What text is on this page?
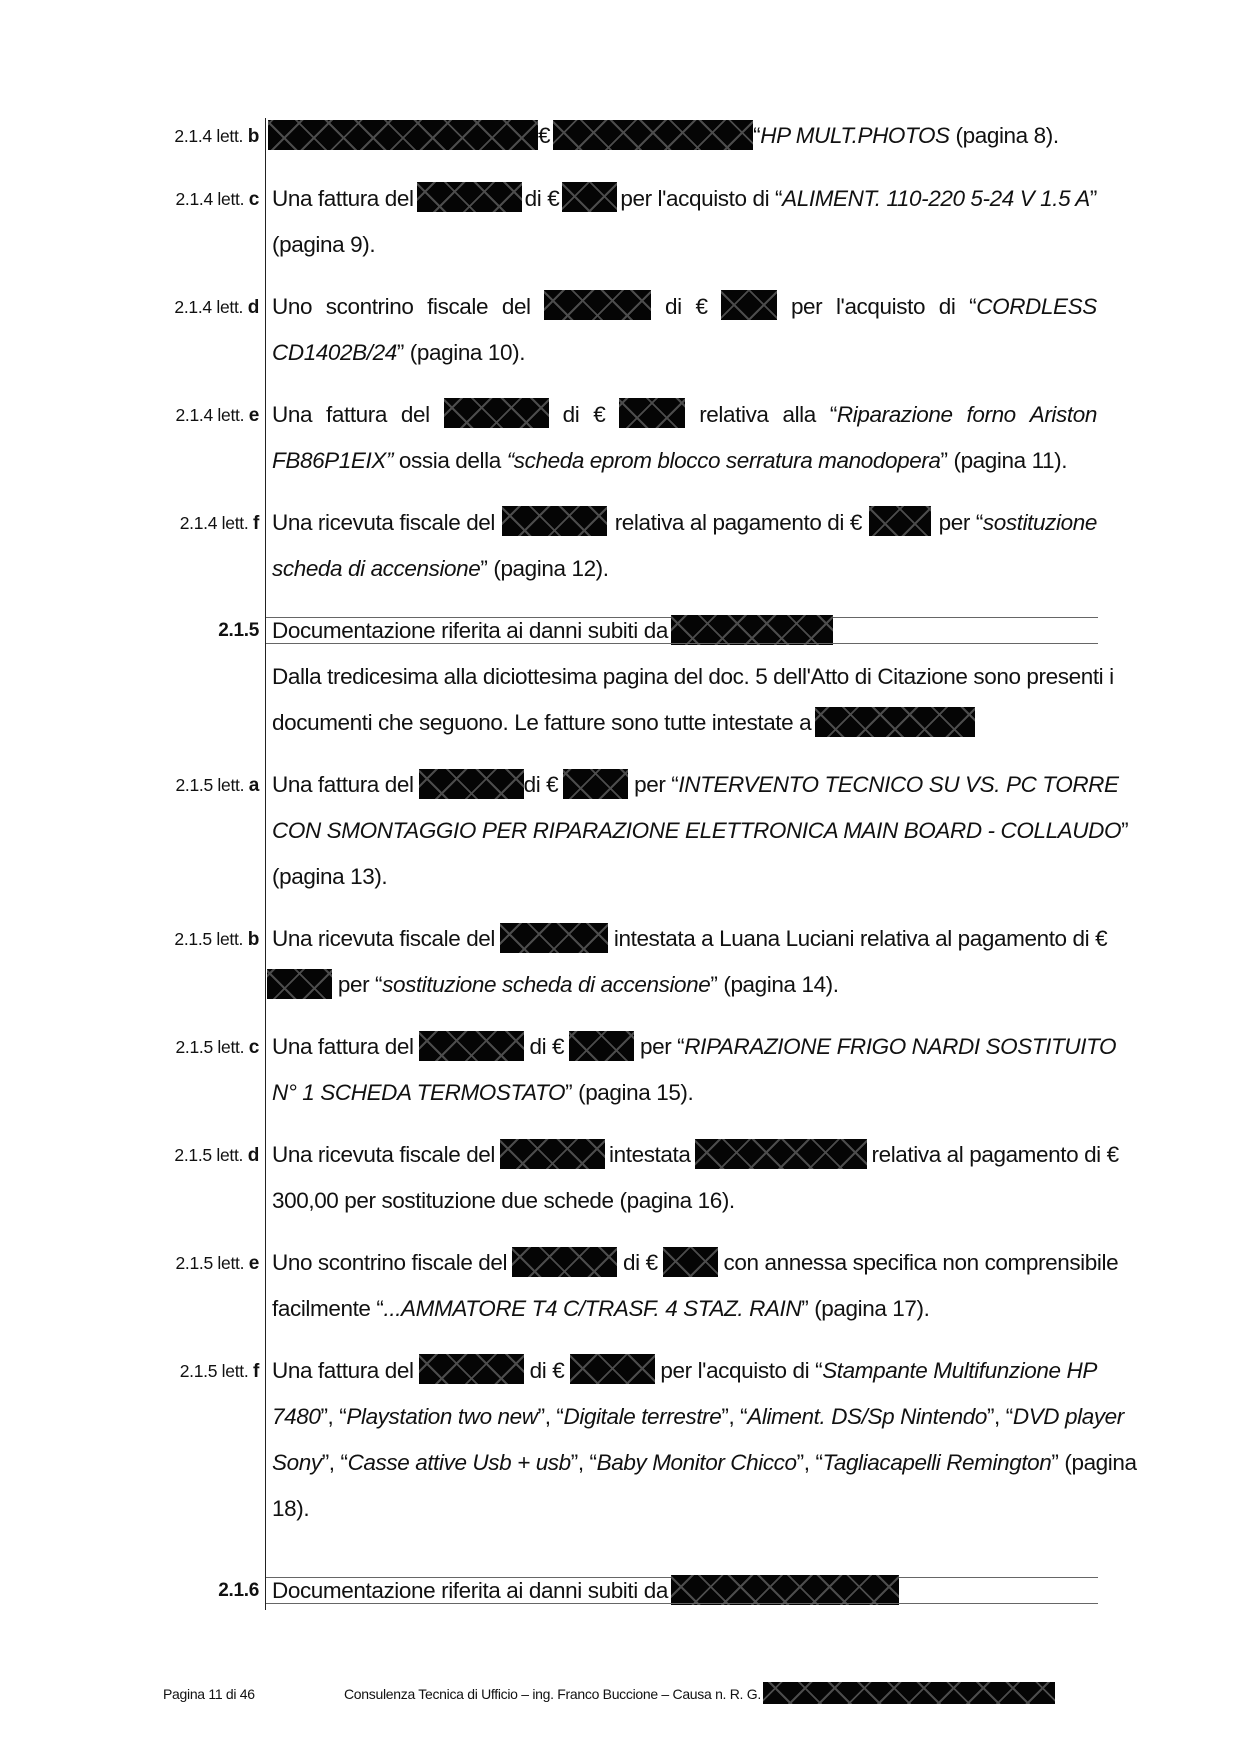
2.1.4 lett. b	€	“HP MULT.PHOTOS (pagina 8).
2.1.4 lett. c Una fattura del	di €	per l'acquisto di “ALIMENT. 110-220 5-24 V 1.5 A”
(pagina 9).
2.1.4 lett. d Uno scontrino fiscale del	di €	per l'acquisto di “CORDLESS
CD1402B/24” (pagina 10).
2.1.4 lett. e Una fattura del	di €	relativa alla “Riparazione forno Ariston
FB86P1EIX” ossia della “scheda eprom blocco serratura manodopera” (pagina 11).
2.1.4 lett. f Una ricevuta fiscale del	relativa al pagamento di €	per “sostituzione
scheda di accensione” (pagina 12).
2.1.5 Documentazione riferita ai danni subiti da
Dalla tredicesima alla diciottesima pagina del doc. 5 dell'Atto di Citazione sono presenti i
documenti che seguono. Le fatture sono tutte intestate a
2.1.5 lett. a Una fattura del	di €	per “INTERVENTO TECNICO SU VS. PC TORRE
CON SMONTAGGIO PER RIPARAZIONE ELETTRONICA MAIN BOARD - COLLAUDO”
(pagina 13).
2.1.5 lett. b Una ricevuta fiscale del	intestata a Luana Luciani relativa al pagamento di €
per “sostituzione scheda di accensione” (pagina 14).
2.1.5 lett. c Una fattura del	di €	per “RIPARAZIONE FRIGO NARDI SOSTITUITO
N° 1 SCHEDA TERMOSTATO” (pagina 15).
2.1.5 lett. d Una ricevuta fiscale del	intestata	relativa al pagamento di €
300,00 per sostituzione due schede (pagina 16).
2.1.5 lett. e Uno scontrino fiscale del	di €	con annessa specifica non comprensibile
facilmente “...AMMATORE T4 C/TRASF. 4 STAZ. RAIN” (pagina 17).
2.1.5 lett. f Una fattura del	di €	per l'acquisto di “Stampante Multifunzione HP
7480”, “Playstation two new”, “Digitale terrestre”, “Aliment. DS/Sp Nintendo”, “DVD player
Sony”, “Casse attive Usb + usb”, “Baby Monitor Chicco”, “Tagliacapelli Remington” (pagina
18).
2.1.6 Documentazione riferita ai danni subiti da
Pagina 11 di 46	Consulenza Tecnica di Ufficio – ing. Franco Buccione – Causa n. R. G.
